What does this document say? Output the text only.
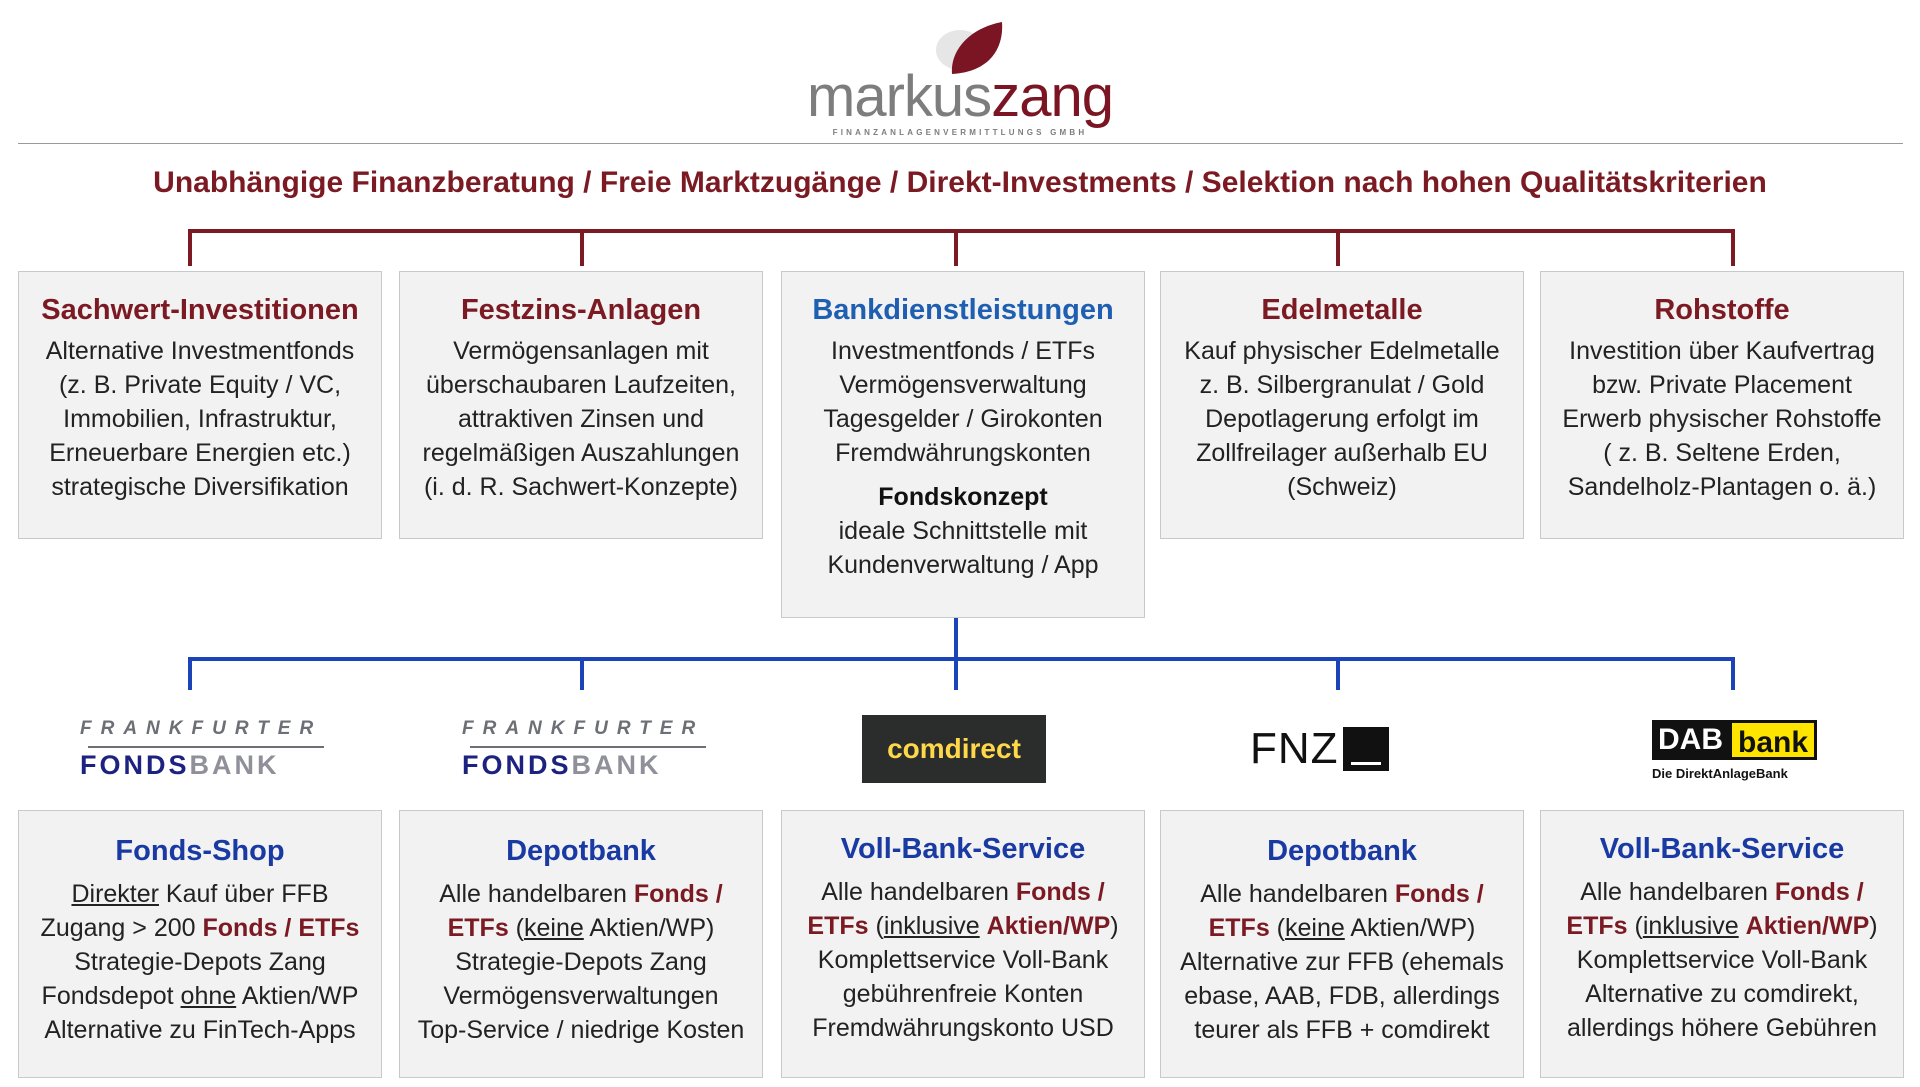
markuszang
FINANZANLAGENVERMITTLUNGS GMBH
Unabhängige Finanzberatung / Freie Marktzugänge / Direkt-Investments / Selektion nach hohen Qualitätskriterien
Sachwert-Investitionen
Alternative Investmentfonds
(z. B. Private Equity / VC,
Immobilien, Infrastruktur,
Erneuerbare Energien etc.)
strategische Diversifikation
Festzins-Anlagen
Vermögensanlagen mit
überschaubaren Laufzeiten,
attraktiven Zinsen und
regelmäßigen Auszahlungen
(i. d. R. Sachwert-Konzepte)
Bankdienstleistungen
Investmentfonds / ETFs
Vermögensverwaltung
Tagesgelder / Girokonten
Fremdwährungskonten
Fondskonzept
ideale Schnittstelle mit
Kundenverwaltung / App
Edelmetalle
Kauf physischer Edelmetalle
z. B. Silbergranulat / Gold
Depotlagerung erfolgt im
Zollfreilager außerhalb EU
(Schweiz)
Rohstoffe
Investition über Kaufvertrag
bzw. Private Placement
Erwerb physischer Rohstoffe
( z. B. Seltene Erden,
Sandelholz-Plantagen o. ä.)
FRANKFURTER
FONDSBANK
FRANKFURTER
FONDSBANK
comdirect	FNZ	DAB bank
Die DirektAnlageBank
Fonds-Shop
Direkter Kauf über FFB
Zugang > 200 Fonds / ETFs
Strategie-Depots Zang
Fondsdepot ohne Aktien/WP
Alternative zu FinTech-Apps
Depotbank
Alle handelbaren Fonds /
ETFs (keine Aktien/WP)
Strategie-Depots Zang
Vermögensverwaltungen
Top-Service / niedrige Kosten
Voll-Bank-Service
Alle handelbaren Fonds /
ETFs (inklusive Aktien/WP)
Komplettservice Voll-Bank
gebührenfreie Konten
Fremdwährungskonto USD
Depotbank
Alle handelbaren Fonds /
ETFs (keine Aktien/WP)
Alternative zur FFB (ehemals
ebase, AAB, FDB, allerdings
teurer als FFB + comdirekt
Voll-Bank-Service
Alle handelbaren Fonds /
ETFs (inklusive Aktien/WP)
Komplettservice Voll-Bank
Alternative zu comdirekt,
allerdings höhere Gebühren
